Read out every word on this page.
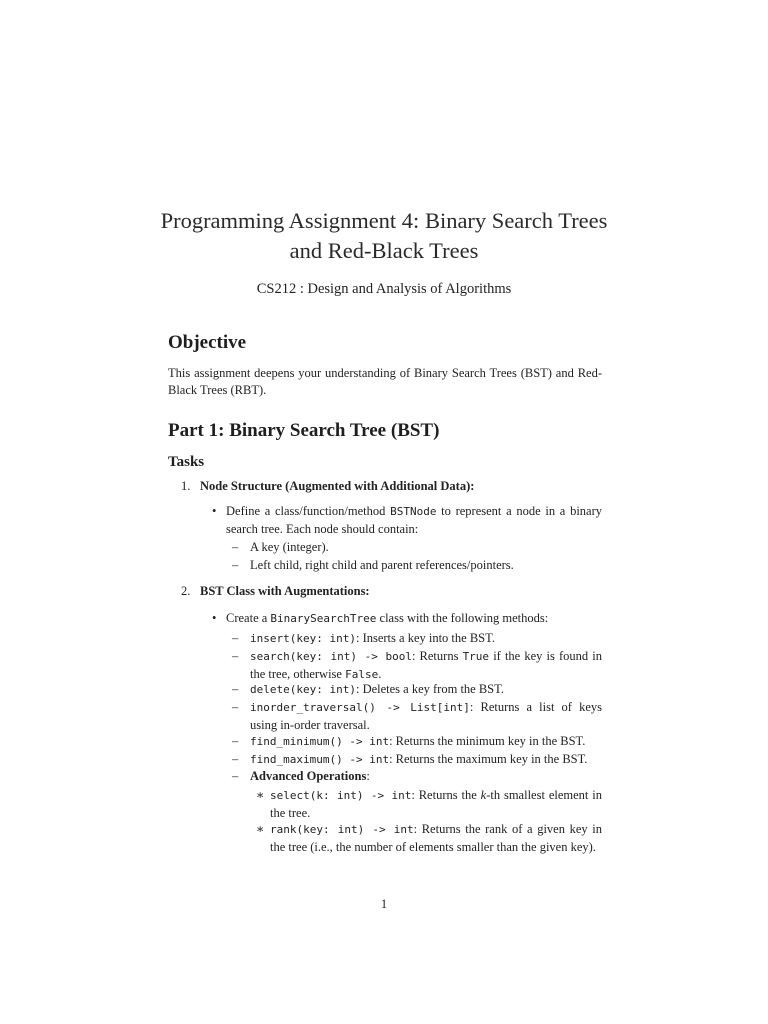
Programming Assignment 4: Binary Search Trees and Red-Black Trees
CS212 : Design and Analysis of Algorithms
Objective

This assignment deepens your understanding of Binary Search Trees (BST) and Red-Black Trees (RBT).

Part 1: Binary Search Tree (BST)
Tasks
1. Node Structure (Augmented with Additional Data):
• Define a class/function/method BSTNode to represent a node in a binary search tree. Each node should contain:
– A key (integer).
– Left child, right child and parent references/pointers.
2. BST Class with Augmentations:
• Create a BinarySearchTree class with the following methods:
– insert(key: int): Inserts a key into the BST.
– search(key: int) -> bool: Returns True if the key is found in the tree, otherwise False.
– delete(key: int): Deletes a key from the BST.
– inorder_traversal() -> List[int]: Returns a list of keys using in-order traversal.
– find_minimum() -> int: Returns the minimum key in the BST.
– find_maximum() -> int: Returns the maximum key in the BST.
– Advanced Operations:
∗ select(k: int) -> int: Returns the k-th smallest element in the tree.
∗ rank(key: int) -> int: Returns the rank of a given key in the tree (i.e., the number of elements smaller than the given key).
1
